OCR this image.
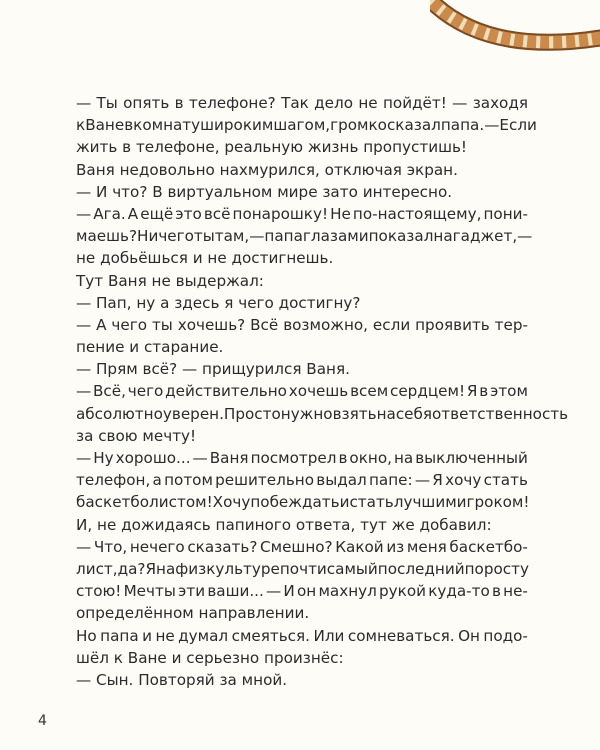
— Ты опять в телефоне? Так дело не пойдёт! — заходя
к Ване в комнату широким шагом, громко сказал папа. — Если
жить в телефоне, реальную жизнь пропустишь!
Ваня недовольно нахмурился, отключая экран.
— И что? В виртуальном мире зато интересно.
— Ага. А ещё это всё понарошку! Не по-настоящему, пони-
маешь? Ничего ты там, — папа глазами показал на гаджет, —
не добьёшься и не достигнешь.
Тут Ваня не выдержал:
— Пап, ну а здесь я чего достигну?
— А чего ты хочешь? Всё возможно, если проявить тер-
пение и старание.
— Прям всё? — прищурился Ваня.
— Всё, чего действительно хочешь всем сердцем! Я в этом
абсолютно уверен. Просто нужно взять на себя ответственность
за свою мечту!
— Ну хорошо... — Ваня посмотрел в окно, на выключенный
телефон, а потом решительно выдал папе: — Я хочу стать
баскетболистом! Хочу побеждать и стать лучшим игроком!
И, не дожидаясь папиного ответа, тут же добавил:
— Что, нечего сказать? Смешно? Какой из меня баскетбо-
лист, да? Я на физкультуре почти самый последний по росту
стою! Мечты эти ваши... — И он махнул рукой куда-то в не-
определённом направлении.
Но папа и не думал смеяться. Или сомневаться. Он подо-
шёл к Ване и серьезно произнёс:
— Сын. Повторяй за мной.
4
